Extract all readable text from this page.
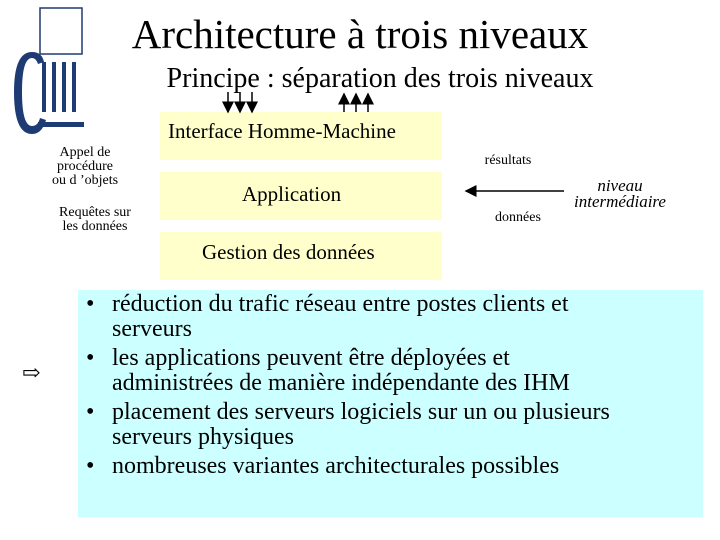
Architecture à trois niveaux
Principe : séparation des trois niveaux
Interface Homme-Machine
Application
Gestion des données
Appel de
procédure
ou d ’objets
Requêtes sur
les données
résultats
données
niveau
intermédiaire
⇨
• réduction du trafic réseau entre postes clients et
serveurs
• les applications peuvent être déployées et
administrées de manière indépendante des IHM
• placement des serveurs logiciels sur un ou plusieurs
serveurs physiques
• nombreuses variantes architecturales possibles
